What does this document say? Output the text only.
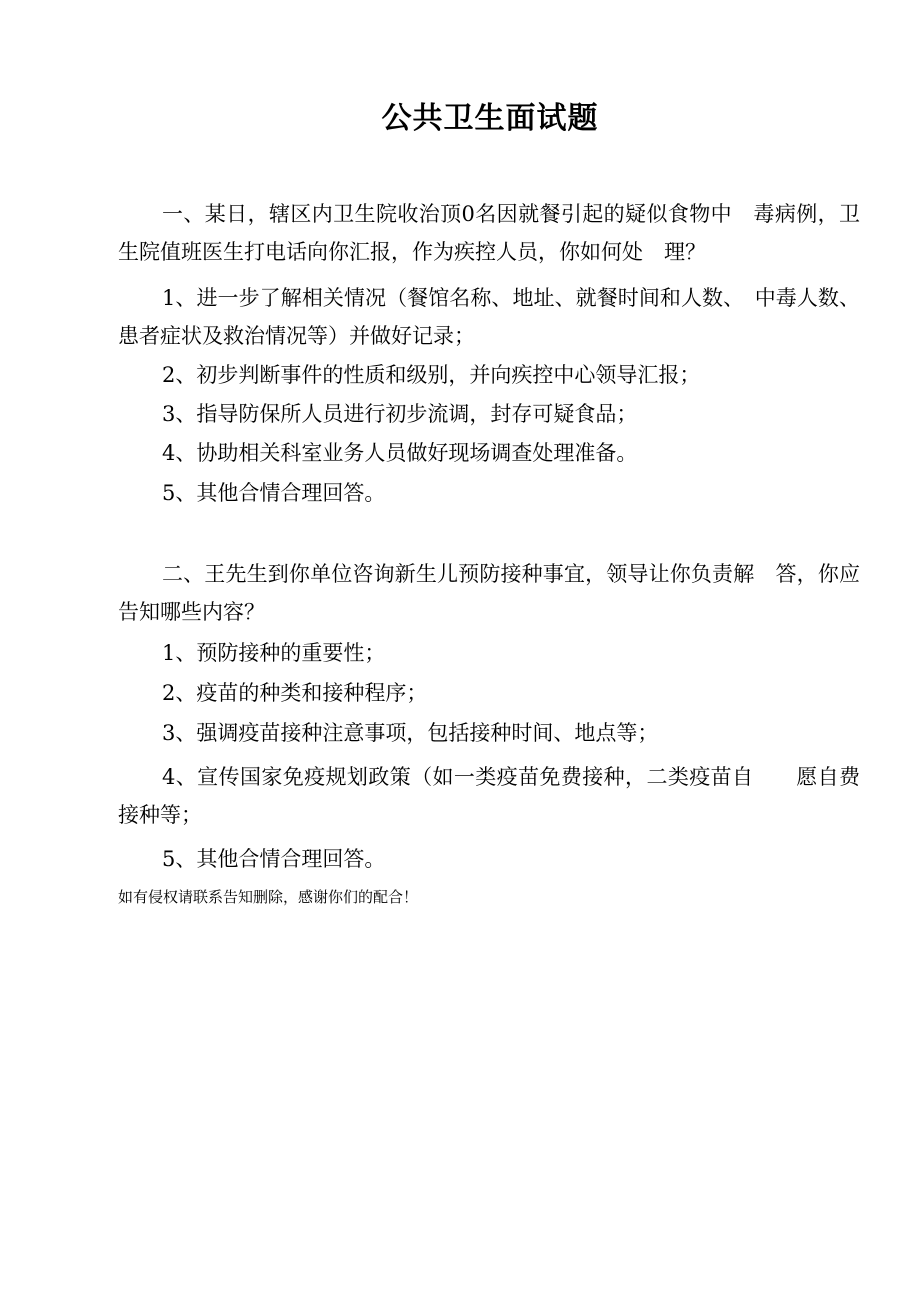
公共卫生面试题
一、某日，辖区内卫生院收治顶0名因就餐引起的疑似食物中　毒病例，卫生院值班医生打电话向你汇报，作为疾控人员，你如何处　理？
1、进一步了解相关情况（餐馆名称、地址、就餐时间和人数、　中毒人数、患者症状及救治情况等）并做好记录；
2、初步判断事件的性质和级别，并向疾控中心领导汇报；
3、指导防保所人员进行初步流调，封存可疑食品；
4、协助相关科室业务人员做好现场调查处理准备。
5、其他合情合理回答。
二、王先生到你单位咨询新生儿预防接种事宜，领导让你负责解　答，你应告知哪些内容？
1、预防接种的重要性；
2、疫苗的种类和接种程序；
3、强调疫苗接种注意事项，包括接种时间、地点等；
4、宣传国家免疫规划政策（如一类疫苗免费接种，二类疫苗自　　愿自费接种等；
5、其他合情合理回答。
如有侵权请联系告知删除，感谢你们的配合！
